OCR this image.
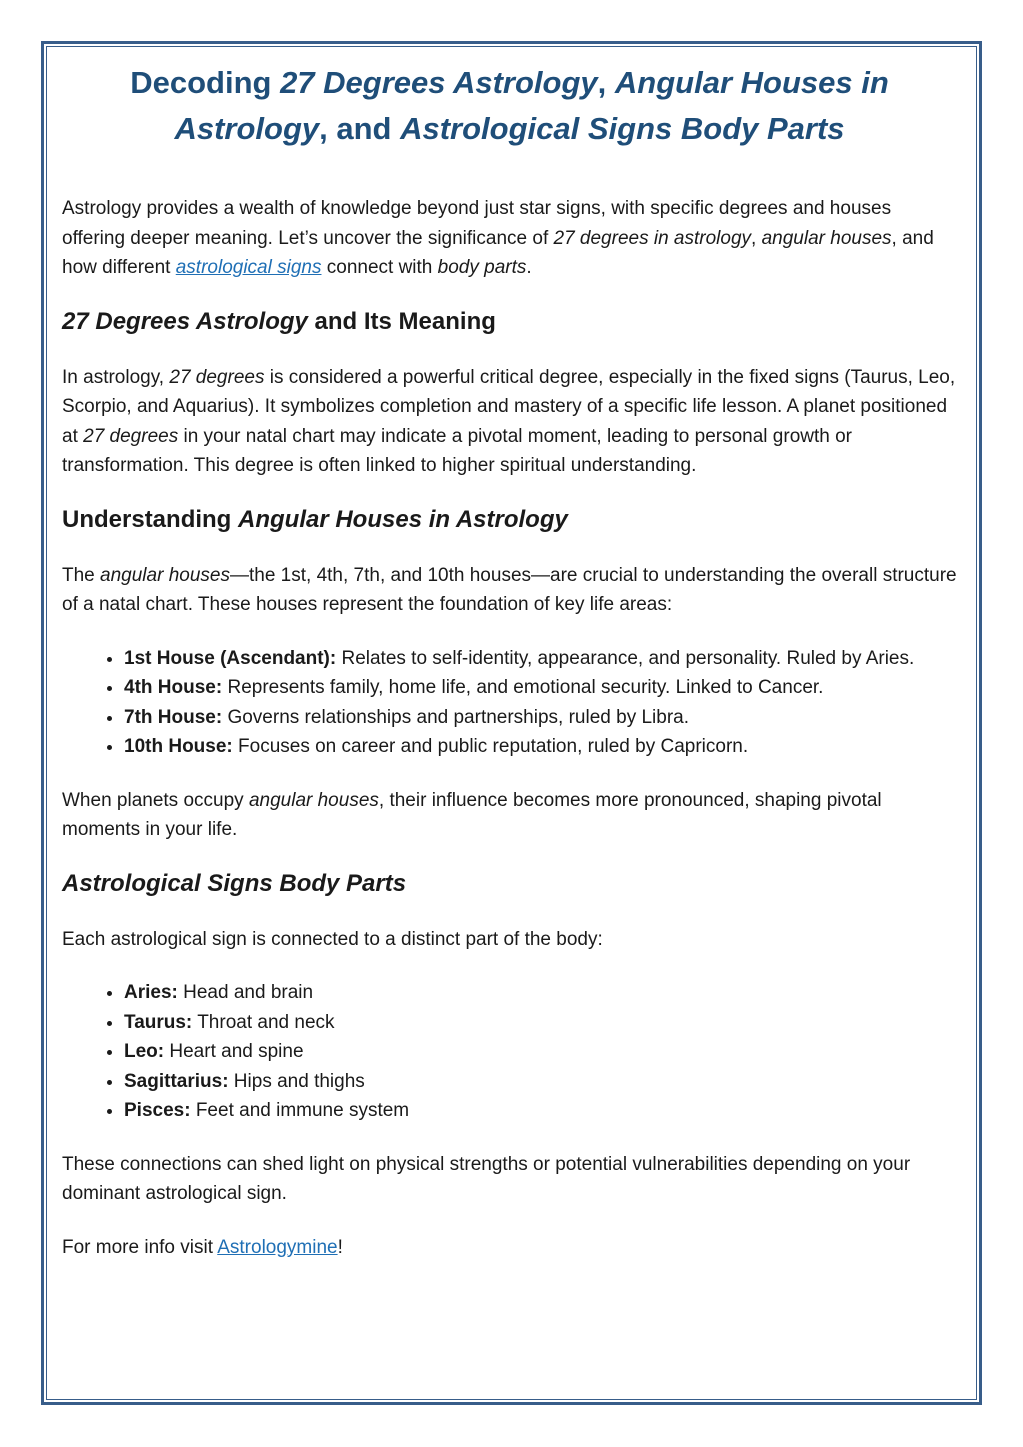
Decoding 27 Degrees Astrology, Angular Houses in Astrology, and Astrological Signs Body Parts

Astrology provides a wealth of knowledge beyond just star signs, with specific degrees and houses offering deeper meaning. Let’s uncover the significance of 27 degrees in astrology, angular houses, and how different astrological signs connect with body parts.

27 Degrees Astrology and Its Meaning

In astrology, 27 degrees is considered a powerful critical degree, especially in the fixed signs (Taurus, Leo, Scorpio, and Aquarius). It symbolizes completion and mastery of a specific life lesson. A planet positioned at 27 degrees in your natal chart may indicate a pivotal moment, leading to personal growth or transformation. This degree is often linked to higher spiritual understanding.

Understanding Angular Houses in Astrology

The angular houses—the 1st, 4th, 7th, and 10th houses—are crucial to understanding the overall structure of a natal chart. These houses represent the foundation of key life areas:

• 1st House (Ascendant): Relates to self-identity, appearance, and personality. Ruled by Aries.
• 4th House: Represents family, home life, and emotional security. Linked to Cancer.
• 7th House: Governs relationships and partnerships, ruled by Libra.
• 10th House: Focuses on career and public reputation, ruled by Capricorn.

When planets occupy angular houses, their influence becomes more pronounced, shaping pivotal moments in your life.

Astrological Signs Body Parts

Each astrological sign is connected to a distinct part of the body:

• Aries: Head and brain
• Taurus: Throat and neck
• Leo: Heart and spine
• Sagittarius: Hips and thighs
• Pisces: Feet and immune system

These connections can shed light on physical strengths or potential vulnerabilities depending on your dominant astrological sign.

For more info visit Astrologymine!
